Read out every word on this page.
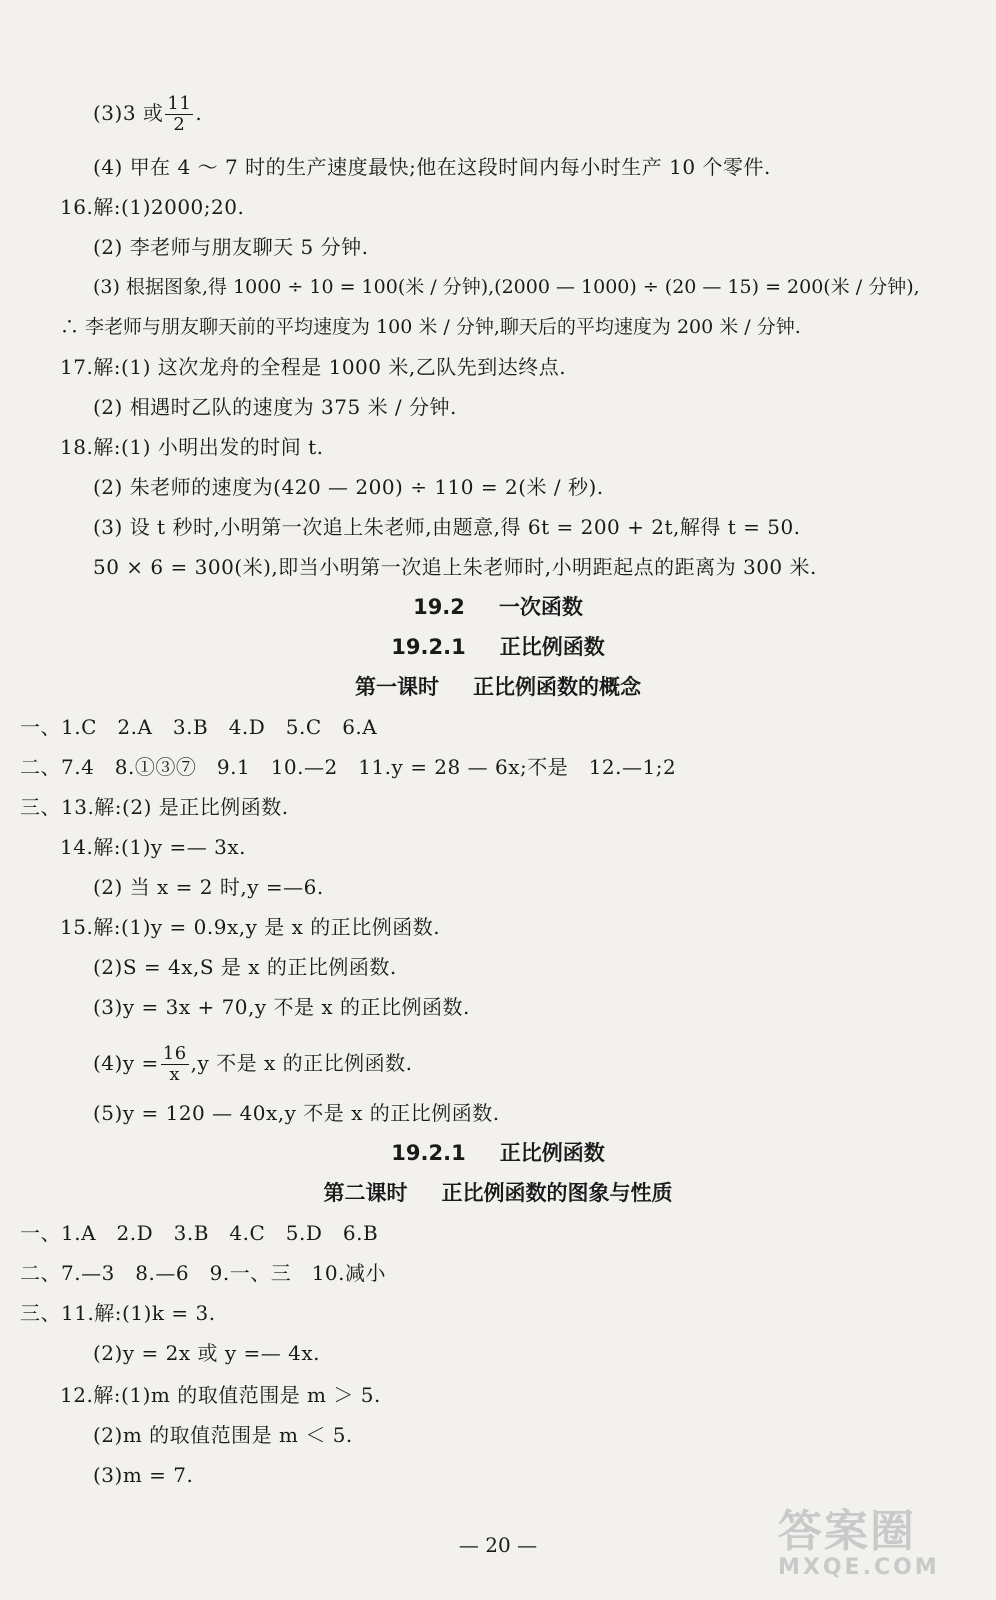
(3)3 或 $\frac{11}{2}$ .
(4) 甲在 4 ～ 7 时的生产速度最快;他在这段时间内每小时生产 10 个零件.
16.解:(1)2000;20.
(2) 李老师与朋友聊天 5 分钟.
(3) 根据图象,得 1000 ÷ 10 = 100(米 / 分钟),(2000 — 1000) ÷ (20 — 15) = 200(米 / 分钟),
∴ 李老师与朋友聊天前的平均速度为 100 米 / 分钟,聊天后的平均速度为 200 米 / 分钟.
17.解:(1) 这次龙舟的全程是 1000 米,乙队先到达终点.
(2) 相遇时乙队的速度为 375 米 / 分钟.
18.解:(1) 小明出发的时间 t.
(2) 朱老师的速度为(420 — 200) ÷ 110 = 2(米 / 秒).
(3) 设 t 秒时,小明第一次追上朱老师,由题意,得 6t = 200 + 2t,解得 t = 50.
50 × 6 = 300(米),即当小明第一次追上朱老师时,小明距起点的距离为 300 米.
19.2 一次函数
19.2.1 正比例函数
第一课时 正比例函数的概念
一、1.C　2.A　3.B　4.D　5.C　6.A
二、7.4　8.①③⑦　9.1　10.—2　11.y = 28 — 6x;不是　12.—1;2
三、13.解:(2) 是正比例函数.
14.解:(1)y =— 3x.
(2) 当 x = 2 时,y =—6.
15.解:(1)y = 0.9x,y 是 x 的正比例函数.
(2)S = 4x,S 是 x 的正比例函数.
(3)y = 3x + 70,y 不是 x 的正比例函数.
$(4)y = \frac{16}{x} ,y$ 不是 x 的正比例函数.
(5)y = 120 — 40x,y 不是 x 的正比例函数.
19.2.1 正比例函数
第二课时 正比例函数的图象与性质
一、1.A　2.D　3.B　4.C　5.D　6.B
二、7.—3　8.—6　9.一、三　10.减小
三、11.解:(1)k = 3.
(2)y = 2x 或 y =— 4x.
12.解:(1)m 的取值范围是 m ＞ 5.
(2)m 的取值范围是 m ＜ 5.
(3)m = 7.
— 20 —	答案圈
MXQE.COM
